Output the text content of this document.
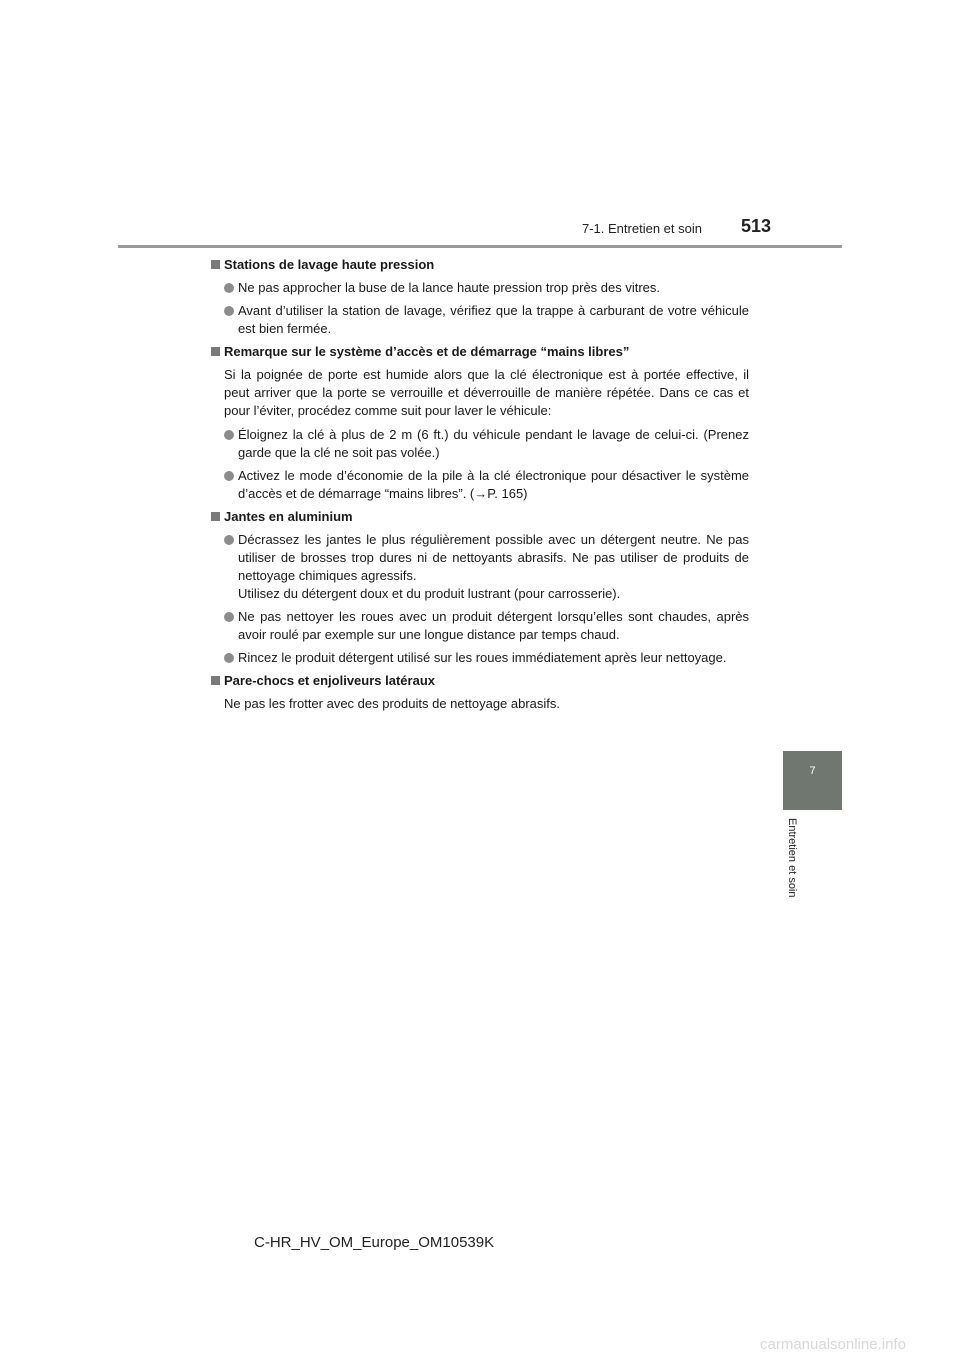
7-1. Entretien et soin 513
7
Entretien et soin
Stations de lavage haute pression
Ne pas approcher la buse de la lance haute pression trop près des vitres.
Avant d’utiliser la station de lavage, vérifiez que la trappe à carburant de votre véhicule est bien fermée.
Remarque sur le système d’accès et de démarrage “mains libres”
Si la poignée de porte est humide alors que la clé électronique est à portée effective, il peut arriver que la porte se verrouille et déverrouille de manière répétée. Dans ce cas et pour l’éviter, procédez comme suit pour laver le véhicule:
Éloignez la clé à plus de 2 m (6 ft.) du véhicule pendant le lavage de celui-ci. (Prenez garde que la clé ne soit pas volée.)
Activez le mode d’économie de la pile à la clé électronique pour désactiver le système d’accès et de démarrage “mains libres”. (→P. 165)
Jantes en aluminium
Décrassez les jantes le plus régulièrement possible avec un détergent neutre. Ne pas utiliser de brosses trop dures ni de nettoyants abrasifs. Ne pas utiliser de produits de nettoyage chimiques agressifs.
Utilisez du détergent doux et du produit lustrant (pour carrosserie).
Ne pas nettoyer les roues avec un produit détergent lorsqu’elles sont chaudes, après avoir roulé par exemple sur une longue distance par temps chaud.
Rincez le produit détergent utilisé sur les roues immédiatement après leur nettoyage.
Pare-chocs et enjoliveurs latéraux
Ne pas les frotter avec des produits de nettoyage abrasifs.
C-HR_HV_OM_Europe_OM10539K
carmanualsonline.info
